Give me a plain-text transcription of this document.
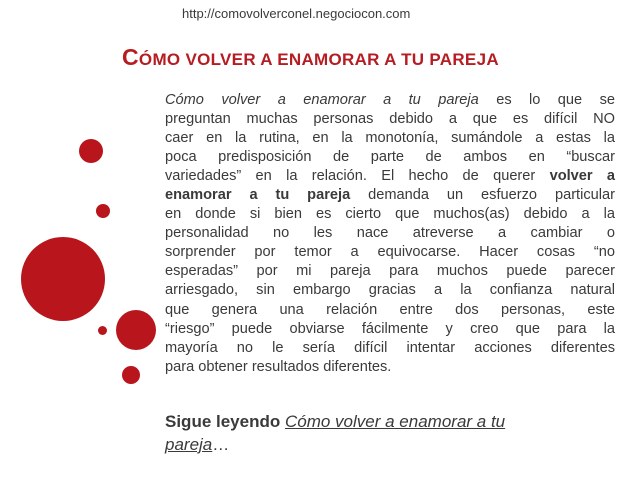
http://comovolverconel.negociocon.com
CÓMO VOLVER A ENAMORAR A TU PAREJA
Cómo volver a enamorar a tu pareja es lo que se
preguntan muchas personas debido a que es difícil NO
caer en la rutina, en la monotonía, sumándole a estas la
poca predisposición de parte de ambos en “buscar
variedades” en la relación. El hecho de querer volver a
enamorar a tu pareja demanda un esfuerzo particular
en donde si bien es cierto que muchos(as) debido a la
personalidad no les nace atreverse a cambiar o
sorprender por temor a equivocarse. Hacer cosas “no
esperadas” por mi pareja para muchos puede parecer
arriesgado, sin embargo gracias a la confianza natural
que genera una relación entre dos personas, este
“riesgo” puede obviarse fácilmente y creo que para la
mayoría no le sería difícil intentar acciones diferentes
para obtener resultados diferentes.
Sigue leyendo Cómo volver a enamorar a tu
pareja…
